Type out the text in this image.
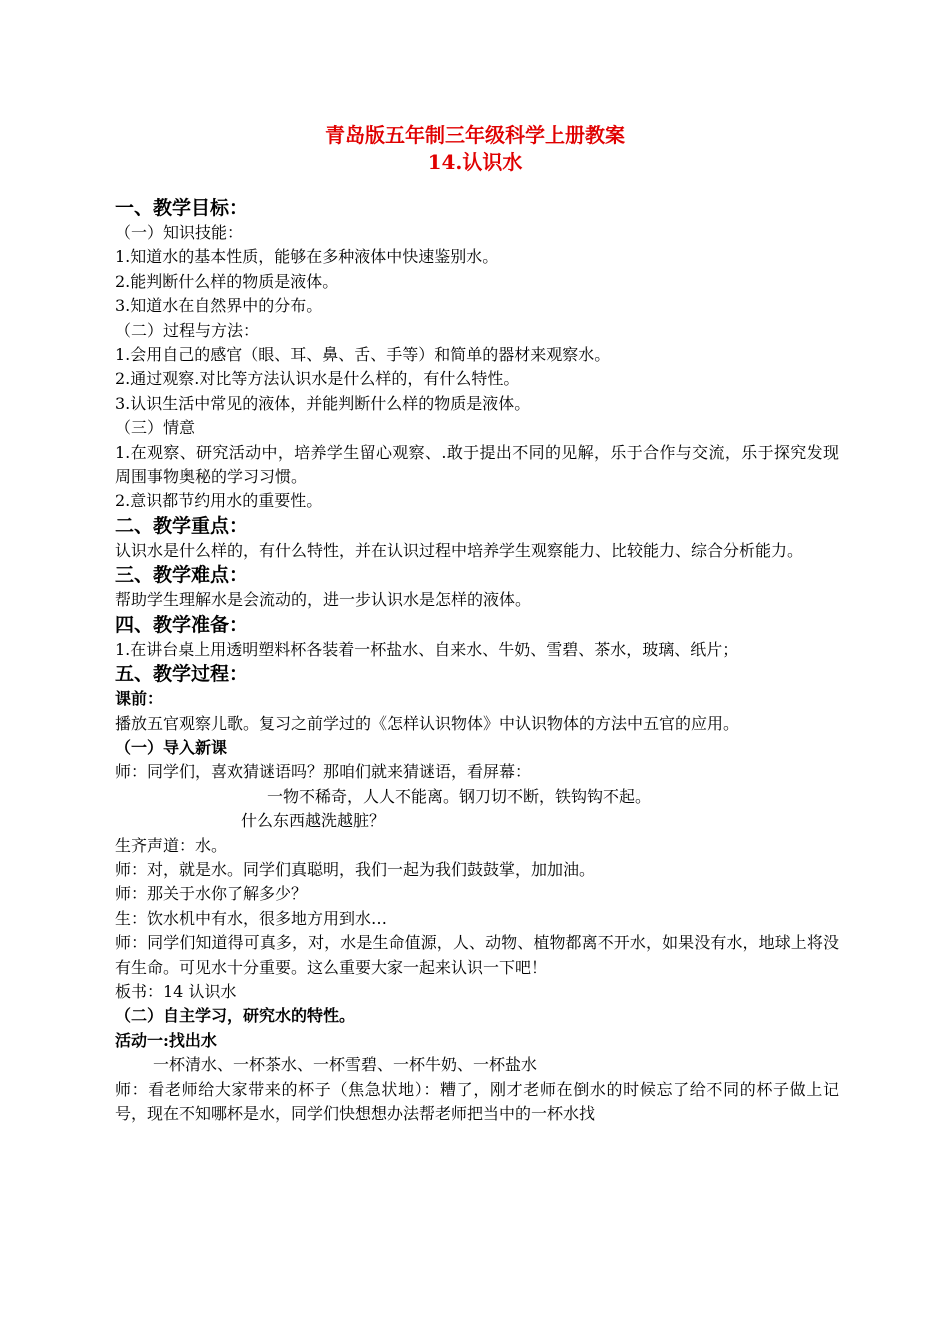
青岛版五年制三年级科学上册教案

14.认识水

一、教学目标：

（一）知识技能：

1.知道水的基本性质，能够在多种液体中快速鉴别水。

2.能判断什么样的物质是液体。

3.知道水在自然界中的分布。

（二）过程与方法：

1.会用自己的感官（眼、耳、鼻、舌、手等）和简单的器材来观察水。

2.通过观察.对比等方法认识水是什么样的，有什么特性。

3.认识生活中常见的液体，并能判断什么样的物质是液体。

（三）情意

1.在观察、研究活动中，培养学生留心观察、.敢于提出不同的见解，乐于合作与交流，乐于探究发现周围事物奥秘的学习习惯。

2.意识都节约用水的重要性。

二、教学重点：

认识水是什么样的，有什么特性，并在认识过程中培养学生观察能力、比较能力、综合分析能力。

三、教学难点：

帮助学生理解水是会流动的，进一步认识水是怎样的液体。

四、教学准备：

1.在讲台桌上用透明塑料杯各装着一杯盐水、自来水、牛奶、雪碧、茶水，玻璃、纸片；

五、教学过程：

课前：

播放五官观察儿歌。复习之前学过的《怎样认识物体》中认识物体的方法中五官的应用。

（一）导入新课

师：同学们，喜欢猜谜语吗？那咱们就来猜谜语，看屏幕：

一物不稀奇，人人不能离。钢刀切不断，铁钩钩不起。

什么东西越洗越脏？

生齐声道：水。

师：对，就是水。同学们真聪明，我们一起为我们鼓鼓掌，加加油。

师：那关于水你了解多少？

生：饮水机中有水，很多地方用到水…

师：同学们知道得可真多，对，水是生命值源，人、动物、植物都离不开水，如果没有水，地球上将没有生命。可见水十分重要。这么重要大家一起来认识一下吧！

板书：14 认识水

（二）自主学习，研究水的特性。

活动一:找出水

一杯清水、一杯茶水、一杯雪碧、一杯牛奶、一杯盐水

师：看老师给大家带来的杯子（焦急状地）：糟了，刚才老师在倒水的时候忘了给不同的杯子做上记号，现在不知哪杯是水，同学们快想想办法帮老师把当中的一杯水找
